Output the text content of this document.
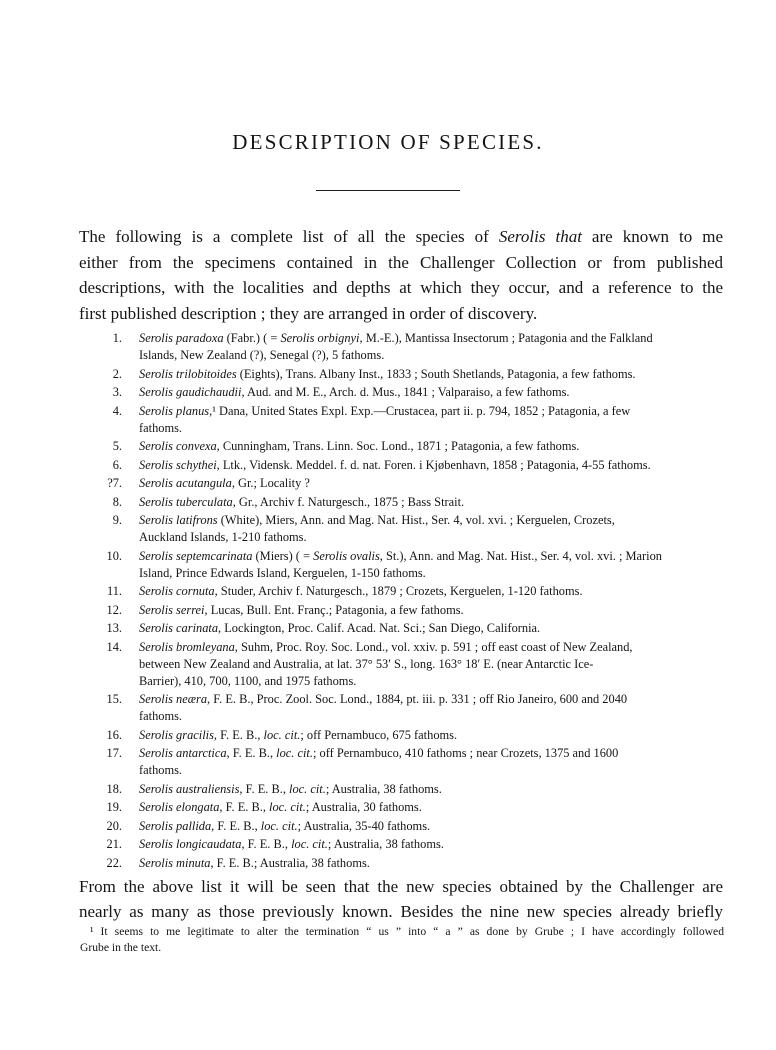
DESCRIPTION OF SPECIES.
The following is a complete list of all the species of Serolis that are known to me
either from the specimens contained in the Challenger Collection or from published
descriptions, with the localities and depths at which they occur, and a reference to the
first published description ; they are arranged in order of discovery.
1. Serolis paradoxa (Fabr.) ( = Serolis orbignyi, M.-E.), Mantissa Insectorum ; Patagonia and the Falkland
Islands, New Zealand (?), Senegal (?), 5 fathoms.
2. Serolis trilobitoides (Eights), Trans. Albany Inst., 1833 ; South Shetlands, Patagonia, a few fathoms.
3. Serolis gaudichaudii, Aud. and M. E., Arch. d. Mus., 1841 ; Valparaiso, a few fathoms.
4. Serolis planus,¹ Dana, United States Expl. Exp.—Crustacea, part ii. p. 794, 1852 ; Patagonia, a few
fathoms.
5. Serolis convexa, Cunningham, Trans. Linn. Soc. Lond., 1871 ; Patagonia, a few fathoms.
6. Serolis schythei, Ltk., Vidensk. Meddel. f. d. nat. Foren. i Kjøbenhavn, 1858 ; Patagonia, 4-55 fathoms.
?7. Serolis acutangula, Gr.; Locality ?
8. Serolis tuberculata, Gr., Archiv f. Naturgesch., 1875 ; Bass Strait.
9. Serolis latifrons (White), Miers, Ann. and Mag. Nat. Hist., Ser. 4, vol. xvi. ; Kerguelen, Crozets,
Auckland Islands, 1-210 fathoms.
10. Serolis septemcarinata (Miers) ( = Serolis ovalis, St.), Ann. and Mag. Nat. Hist., Ser. 4, vol. xvi. ; Marion
Island, Prince Edwards Island, Kerguelen, 1-150 fathoms.
11. Serolis cornuta, Studer, Archiv f. Naturgesch., 1879 ; Crozets, Kerguelen, 1-120 fathoms.
12. Serolis serrei, Lucas, Bull. Ent. Franç.; Patagonia, a few fathoms.
13. Serolis carinata, Lockington, Proc. Calif. Acad. Nat. Sci.; San Diego, California.
14. Serolis bromleyana, Suhm, Proc. Roy. Soc. Lond., vol. xxiv. p. 591 ; off east coast of New Zealand,
between New Zealand and Australia, at lat. 37° 53′ S., long. 163° 18′ E. (near Antarctic Ice-
Barrier), 410, 700, 1100, and 1975 fathoms.
15. Serolis neæra, F. E. B., Proc. Zool. Soc. Lond., 1884, pt. iii. p. 331 ; off Rio Janeiro, 600 and 2040
fathoms.
16. Serolis gracilis, F. E. B., loc. cit.; off Pernambuco, 675 fathoms.
17. Serolis antarctica, F. E. B., loc. cit.; off Pernambuco, 410 fathoms ; near Crozets, 1375 and 1600
fathoms.
18. Serolis australiensis, F. E. B., loc. cit.; Australia, 38 fathoms.
19. Serolis elongata, F. E. B., loc. cit.; Australia, 30 fathoms.
20. Serolis pallida, F. E. B., loc. cit.; Australia, 35-40 fathoms.
21. Serolis longicaudata, F. E. B., loc. cit.; Australia, 38 fathoms.
22. Serolis minuta, F. E. B.; Australia, 38 fathoms.
From the above list it will be seen that the new species obtained by the Challenger are
nearly as many as those previously known. Besides the nine new species already briefly
¹ It seems to me legitimate to alter the termination “ us ” into “ a ” as done by Grube ; I have accordingly followed
Grube in the text.
